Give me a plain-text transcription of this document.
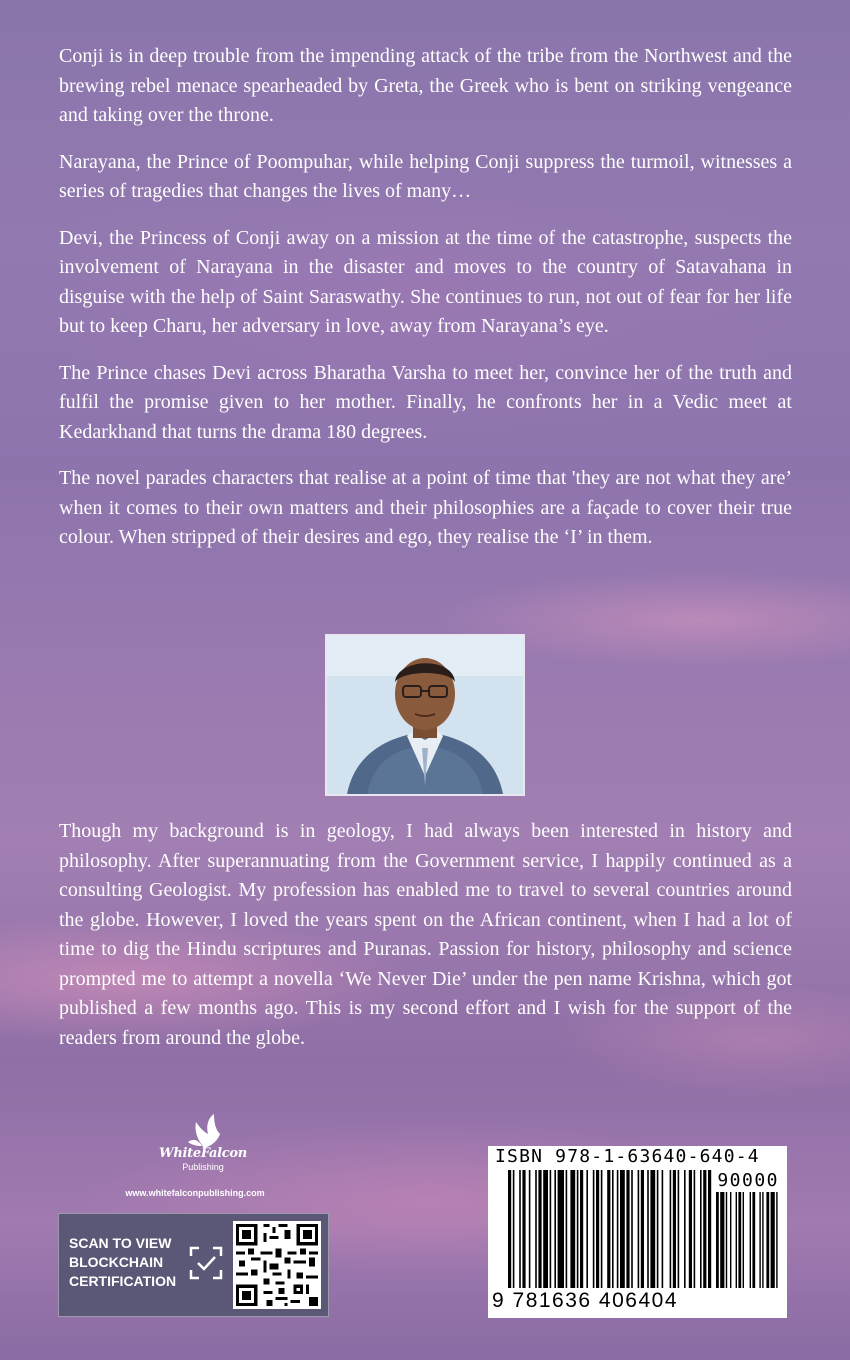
Conji is in deep trouble from the impending attack of the tribe from the Northwest and the brewing rebel menace spearheaded by Greta, the Greek who is bent on striking vengeance and taking over the throne.

Narayana, the Prince of Poompuhar, while helping Conji suppress the turmoil, witnesses a series of tragedies that changes the lives of many…

Devi, the Princess of Conji away on a mission at the time of the catastrophe, suspects the involvement of Narayana in the disaster and moves to the country of Satavahana in disguise with the help of Saint Saraswathy. She continues to run, not out of fear for her life but to keep Charu, her adversary in love, away from Narayana’s eye.

The Prince chases Devi across Bharatha Varsha to meet her, convince her of the truth and fulfil the promise given to her mother. Finally, he confronts her in a Vedic meet at Kedarkhand that turns the drama 180 degrees.

The novel parades characters that realise at a point of time that 'they are not what they are’ when it comes to their own matters and their philosophies are a façade to cover their true colour. When stripped of their desires and ego, they realise the ‘I’ in them.

Though my background is in geology, I had always been interested in history and philosophy. After superannuating from the Government service, I happily continued as a consulting Geologist. My profession has enabled me to travel to several countries around the globe. However, I loved the years spent on the African continent, when I had a lot of time to dig the Hindu scriptures and Puranas. Passion for history, philosophy and science prompted me to attempt a novella ‘We Never Die’ under the pen name Krishna, which got published a few months ago. This is my second effort and I wish for the support of the readers from around the globe.

WhiteFalcon
Publishing
www.whitefalconpublishing.com
SCAN TO VIEW
BLOCKCHAIN
CERTIFICATION
ISBN 978-1-63640-640-4
90000
9 781636 406404
